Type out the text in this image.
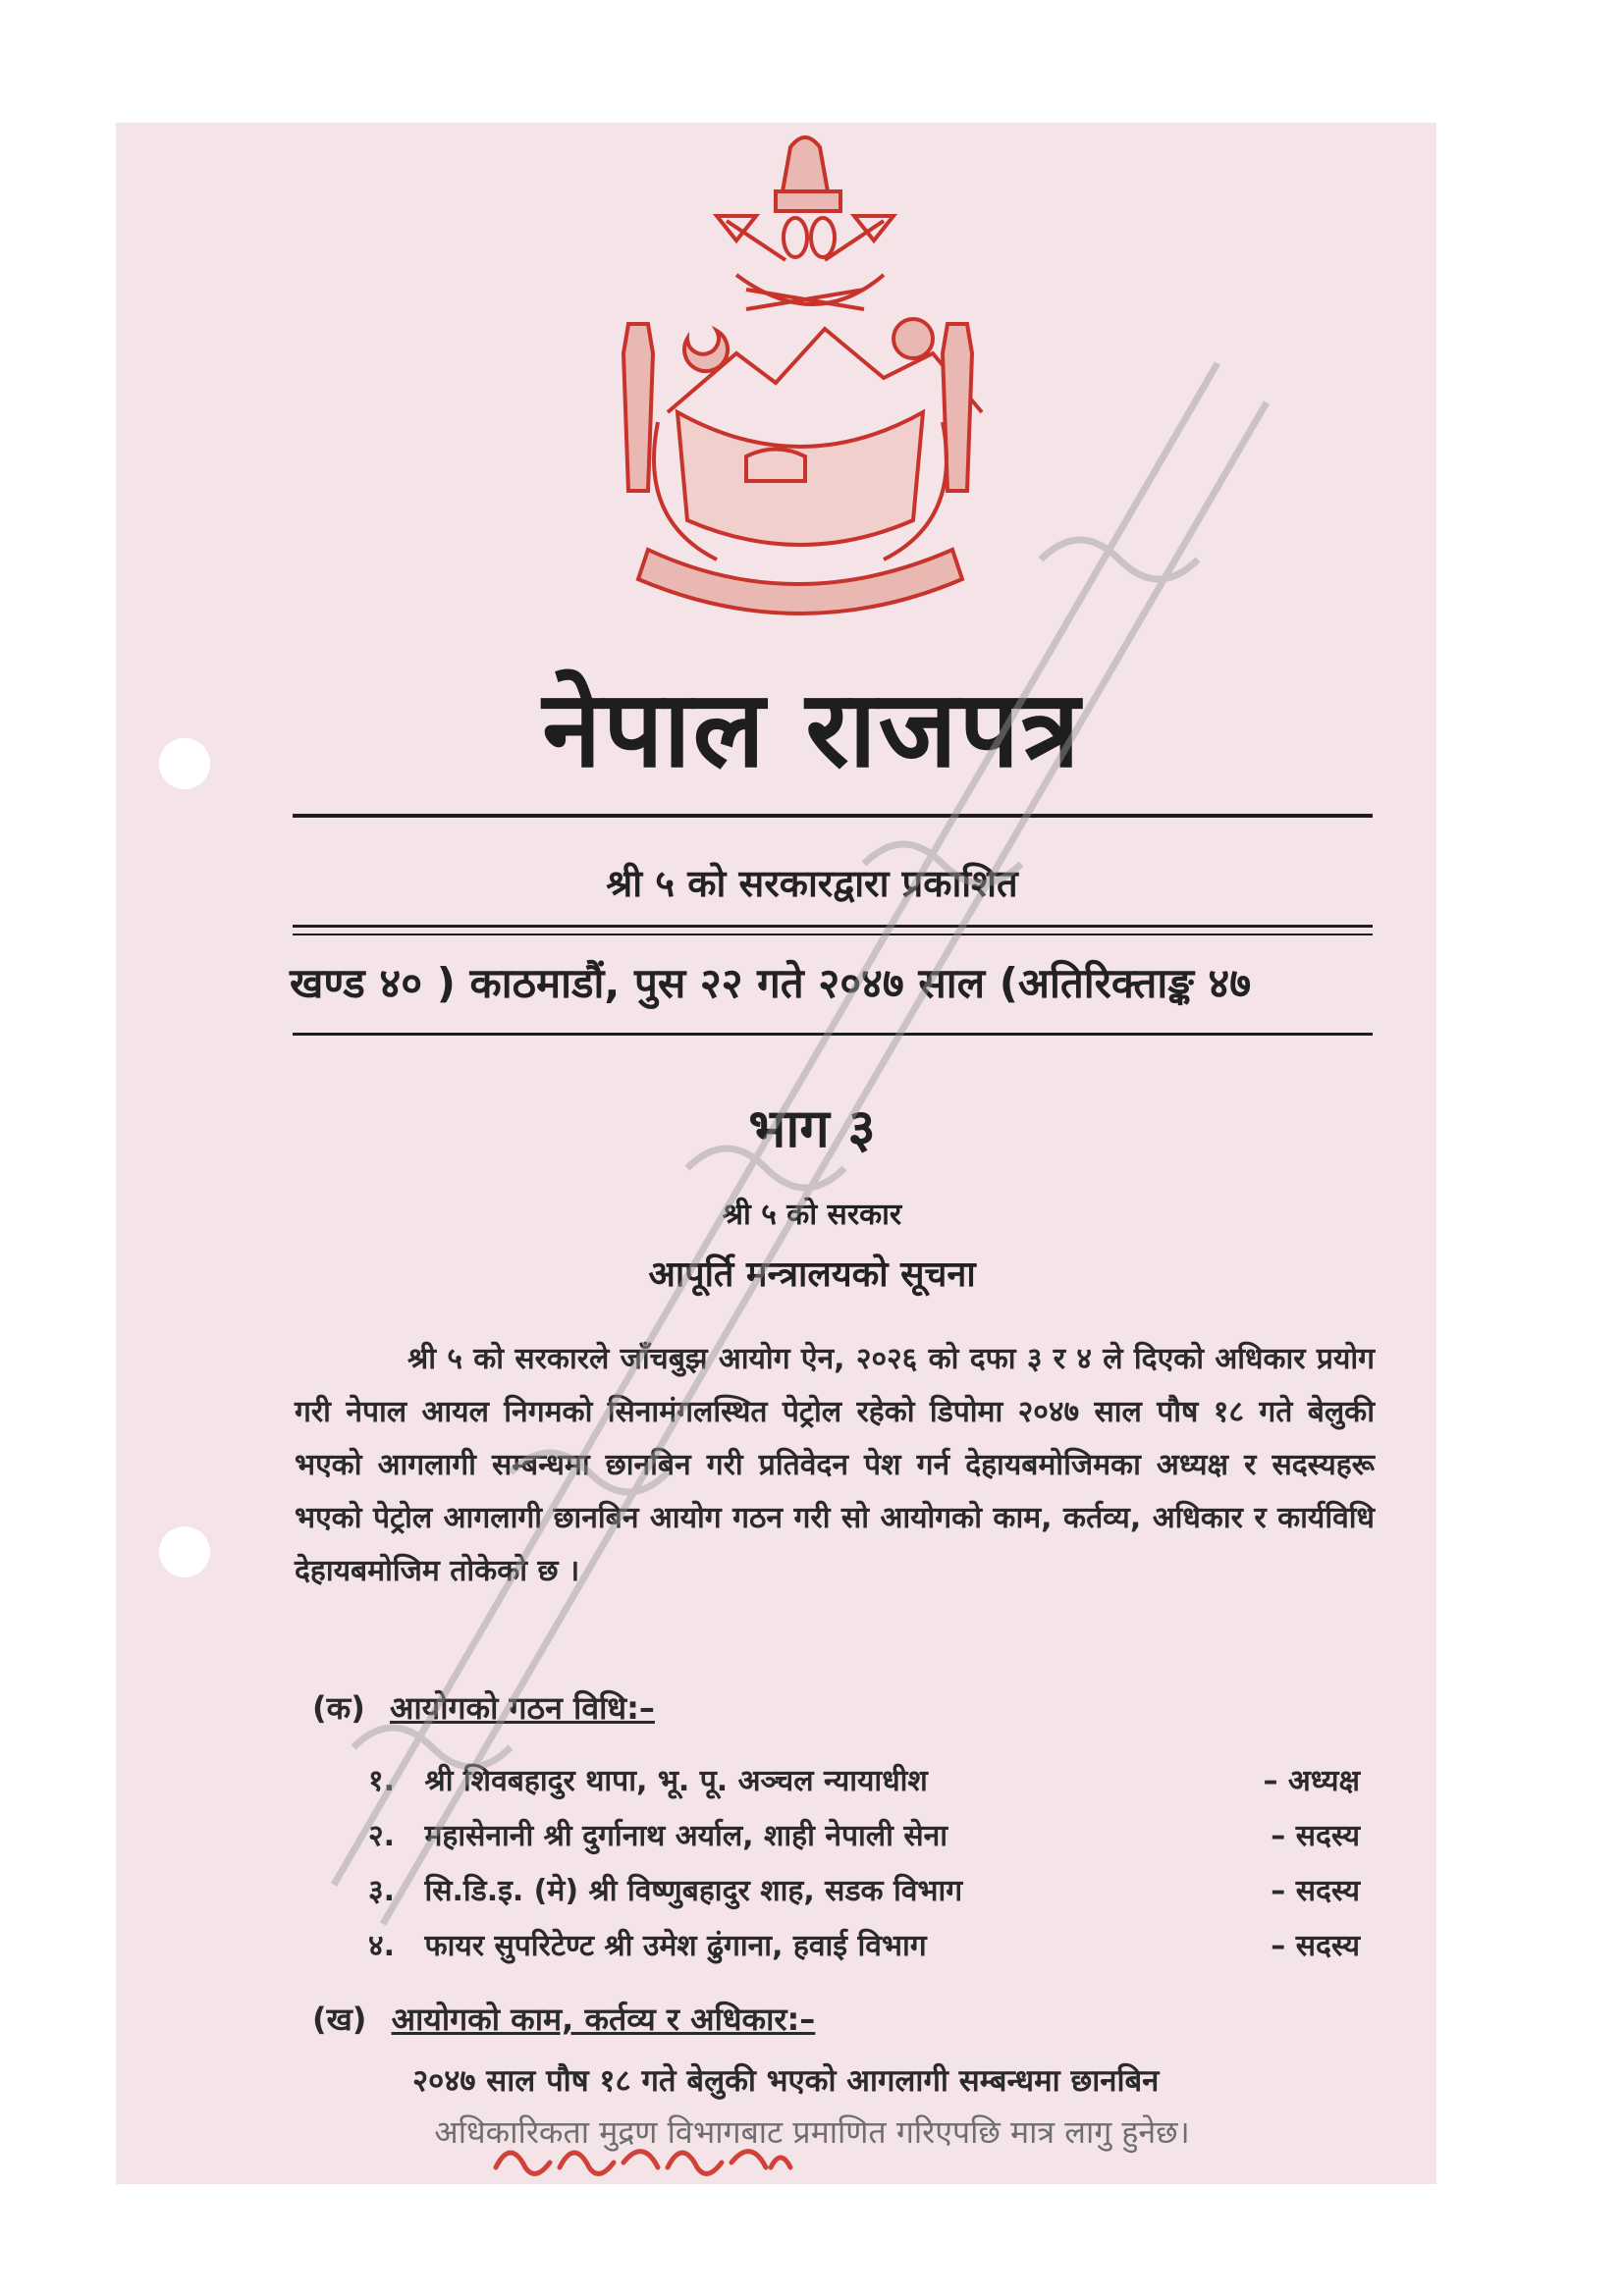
नेपाल राजपत्र
श्री ५ को सरकारद्वारा प्रकाशित
खण्ड ४० ) काठमाडौं, पुस २२ गते २०४७ साल (अतिरिक्ताङ्क ४७
भाग ३
श्री ५ को सरकार
आपूर्ति मन्त्रालयको सूचना
श्री ५ को सरकारले जाँचबुझ आयोग ऐन, २०२६ को दफा ३ र ४ ले दिएको अधिकार प्रयोग गरी नेपाल आयल निगमको सिनामंगलस्थित पेट्रोल रहेको डिपोमा २०४७ साल पौष १८ गते बेलुकी भएको आगलागी सम्बन्धमा छानबिन गरी प्रतिवेदन पेश गर्न देहायबमोजिमका अध्यक्ष र सदस्यहरू भएको पेट्रोल आगलागी छानबिन आयोग गठन गरी सो आयोगको काम, कर्तव्य, अधिकार र कार्यविधि देहायबमोजिम तोकेको छ ।
(क) आयोगको गठन विधि:–
१. श्री शिवबहादुर थापा, भू. पू. अञ्चल न्यायाधीश	– अध्यक्ष
२. महासेनानी श्री दुर्गानाथ अर्याल, शाही नेपाली सेना	– सदस्य
३. सि.डि.इ. (मे) श्री विष्णुबहादुर शाह, सडक विभाग	– सदस्य
४. फायर सुपरिटेण्ट श्री उमेश ढुंगाना, हवाई विभाग	– सदस्य
(ख) आयोगको काम, कर्तव्य र अधिकार:–
२०४७ साल पौष १८ गते बेलुकी भएको आगलागी सम्बन्धमा छानबिन
अधिकारिकता मुद्रण विभागबाट प्रमाणित गरिएपछि मात्र लागु हुनेछ।
